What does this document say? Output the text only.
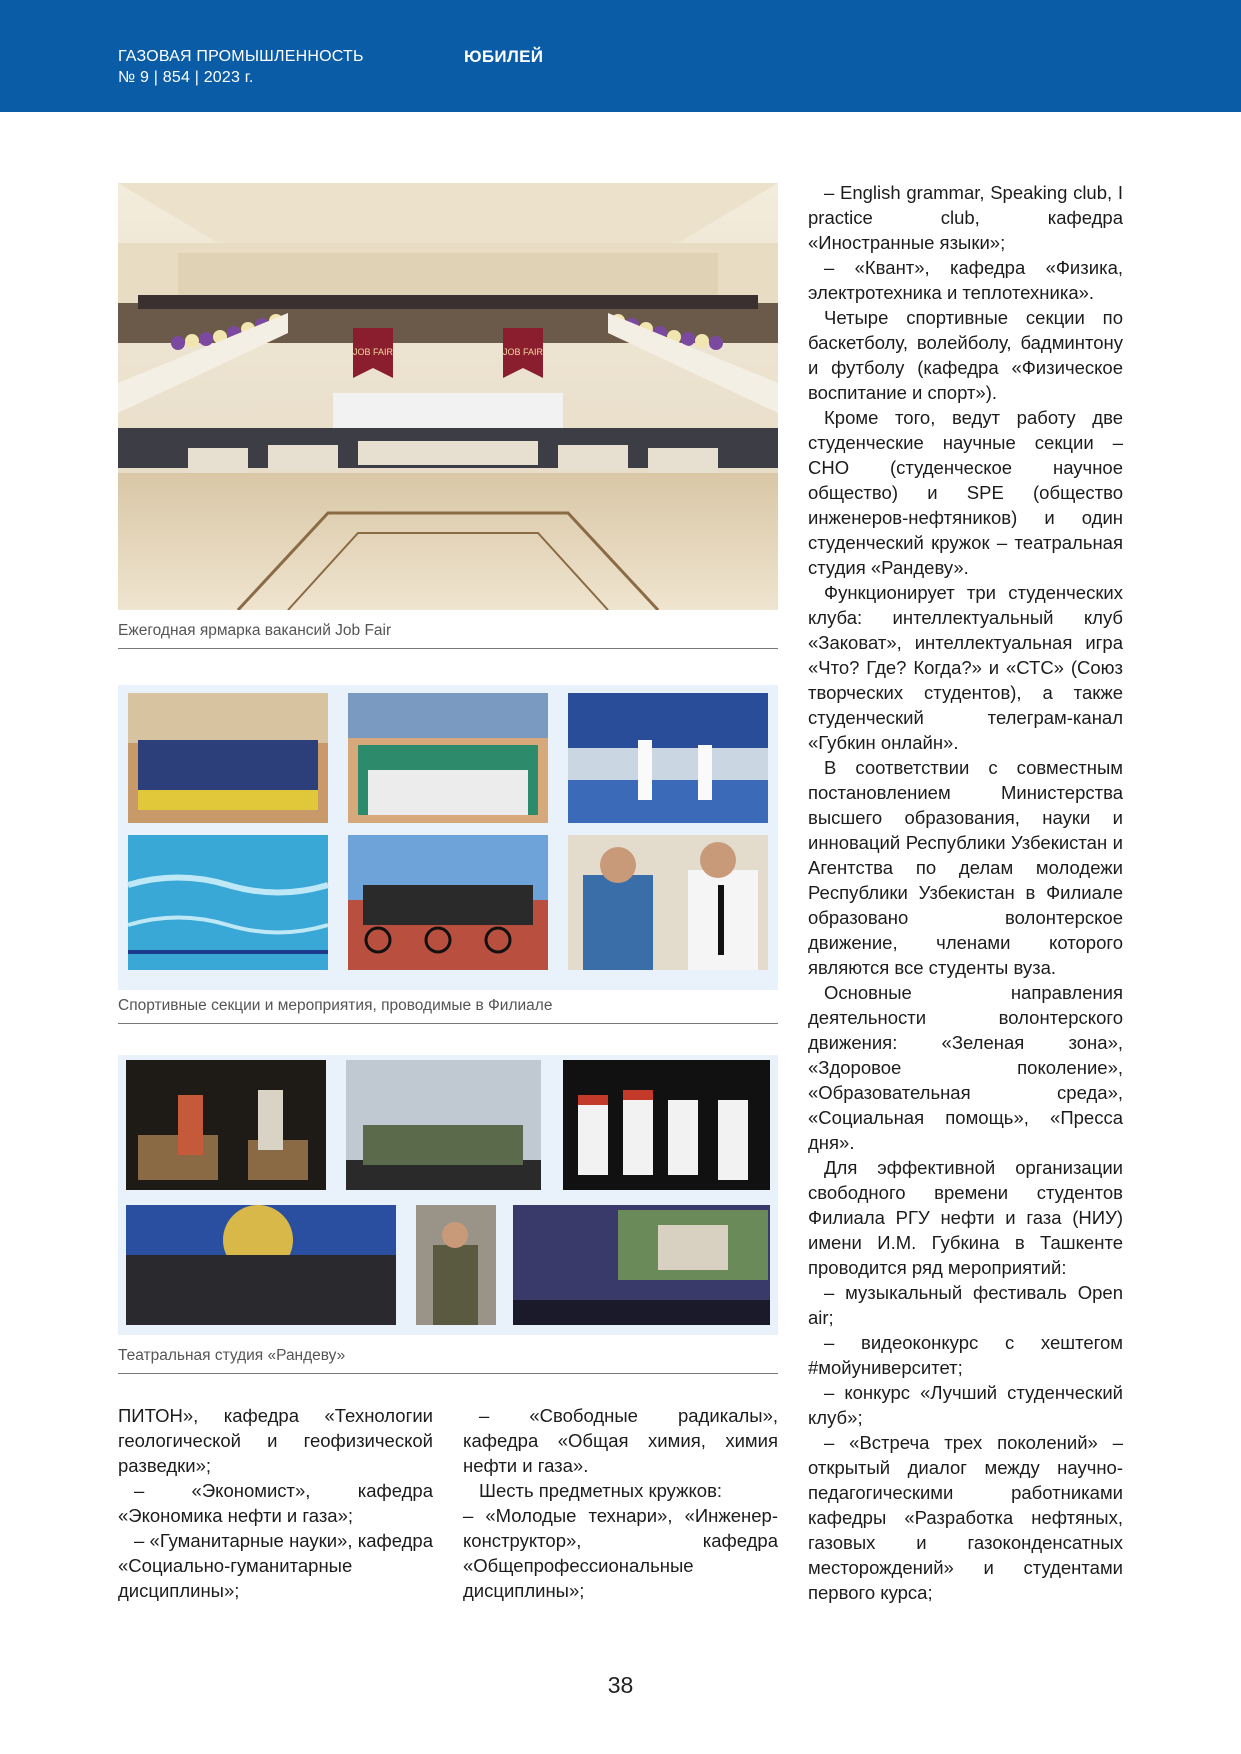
ГАЗОВАЯ ПРОМЫШЛЕННОСТЬ
№ 9 | 854 | 2023 г.
ЮБИЛЕЙ
JOB FAIR	JOB FAIR
Ежегодная ярмарка вакансий Job Fair
Спортивные секции и мероприятия, проводимые в Филиале
Театральная студия «Рандеву»

ПИТОН», кафедра «Технологии геологической и геофизической разведки»;

– «Экономист», кафедра «Экономика нефти и газа»;

– «Гуманитарные науки», кафедра «Социально-гуманитарные дисциплины»;

– «Свободные радикалы», кафедра «Общая химия, химия нефти и газа».

Шесть предметных кружков:

– «Молодые технари», «Инженер-конструктор», кафедра «Общепрофессиональные дисциплины»;

– English grammar, Speaking club, I practice club, кафедра «Иностранные языки»;

– «Квант», кафедра «Физика, электротехника и теплотехника».

Четыре спортивные секции по баскетболу, волейболу, бадминтону и футболу (кафедра «Физическое воспитание и спорт»).

Кроме того, ведут работу две студенческие научные секции – СНО (студенческое научное общество) и SPE (общество инженеров-нефтяников) и один студенческий кружок – театральная студия «Рандеву».

Функционирует три студенческих клуба: интеллектуальный клуб «Заковат», интеллектуальная игра «Что? Где? Когда?» и «СТС» (Союз творческих студентов), а также студенческий телеграм-канал «Губкин онлайн».

В соответствии с совместным постановлением Министерства высшего образования, науки и инноваций Республики Узбекистан и Агентства по делам молодежи Республики Узбекистан в Филиале образовано волонтерское движение, членами которого являются все студенты вуза.

Основные направления деятельности волонтерского движения: «Зеленая зона», «Здоровое поколение», «Образовательная среда», «Социальная помощь», «Пресса дня».

Для эффективной организации свободного времени студентов Филиала РГУ нефти и газа (НИУ) имени И.М. Губкина в Ташкенте проводится ряд мероприятий:

– музыкальный фестиваль Open air;

– видеоконкурс с хештегом #мойуниверситет;

– конкурс «Лучший студенческий клуб»;

– «Встреча трех поколений» – открытый диалог между научно-педагогическими работниками кафедры «Разработка нефтяных, газовых и газоконденсатных месторождений» и студентами первого курса;

38
